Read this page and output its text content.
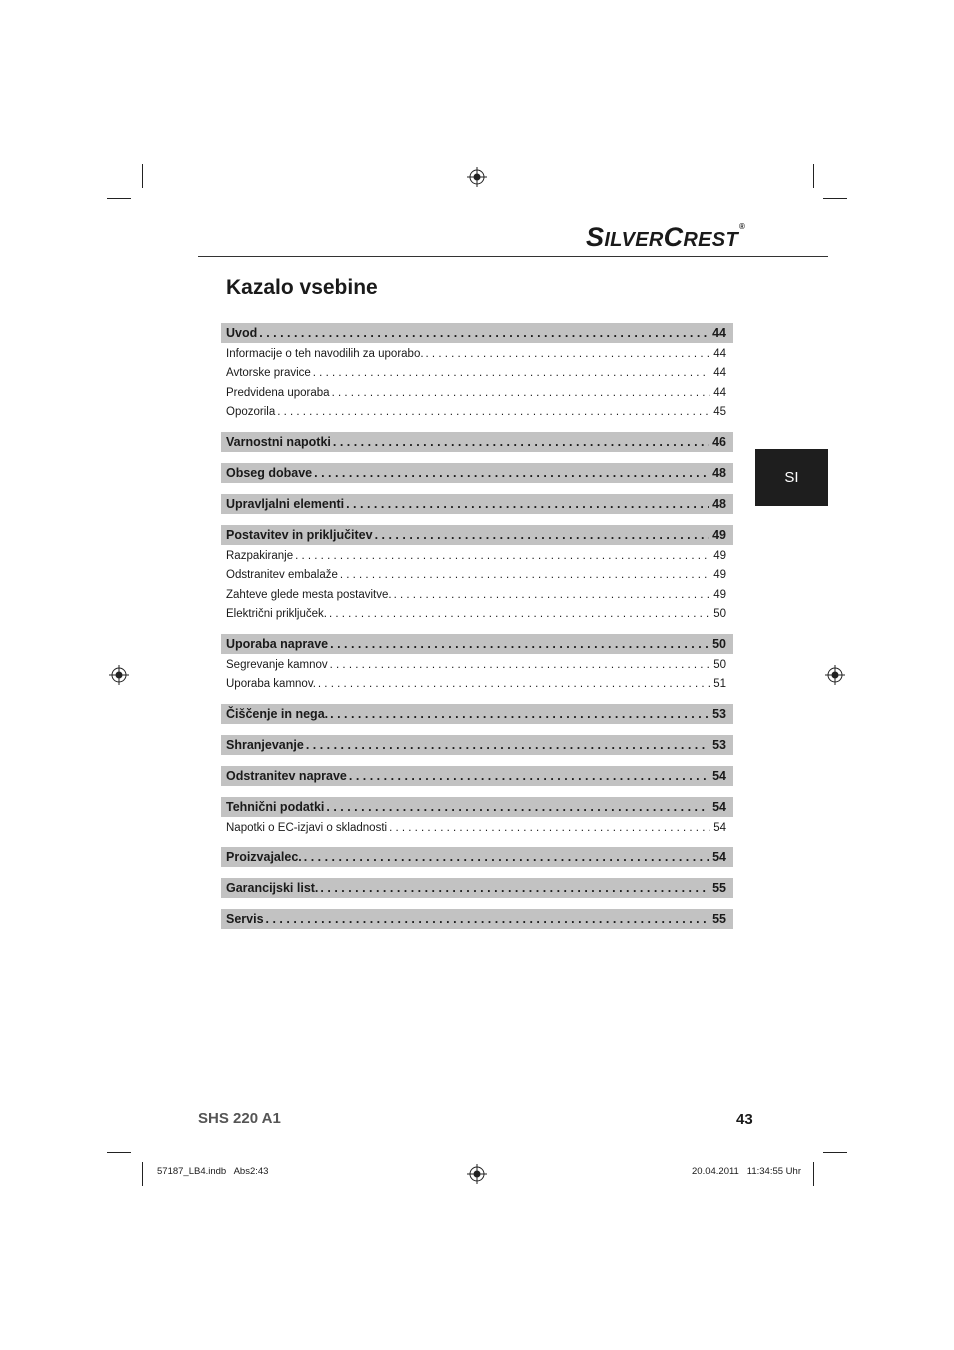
SILVERCREST®
Kazalo vsebine
SI
Uvod . . .	44
Informacije o teh navodilih za uporabo. . . .	44
Avtorske pravice . . .	44
Predvidena uporaba . . .	44
Opozorila . . .	45
Varnostni napotki . . .	46
Obseg dobave . . .	48
Upravljalni elementi . . .	48
Postavitev in priključitev . . .	49
Razpakiranje . . .	49
Odstranitev embalaže . . .	49
Zahteve glede mesta postavitve. . . .	49
Električni priključek. . . .	50
Uporaba naprave . . .	50
Segrevanje kamnov . . .	50
Uporaba kamnov. . . .	51
Čiščenje in nega. . . .	53
Shranjevanje . . .	53
Odstranitev naprave . . .	54
Tehnični podatki . . .	54
Napotki o EC-izjavi o skladnosti . . .	54
Proizvajalec. . . .	54
Garancijski list. . . .	55
Servis . . .	55
SHS 220 A1	43
57187_LB4.indb   Abs2:43	20.04.2011   11:34:55 Uhr
